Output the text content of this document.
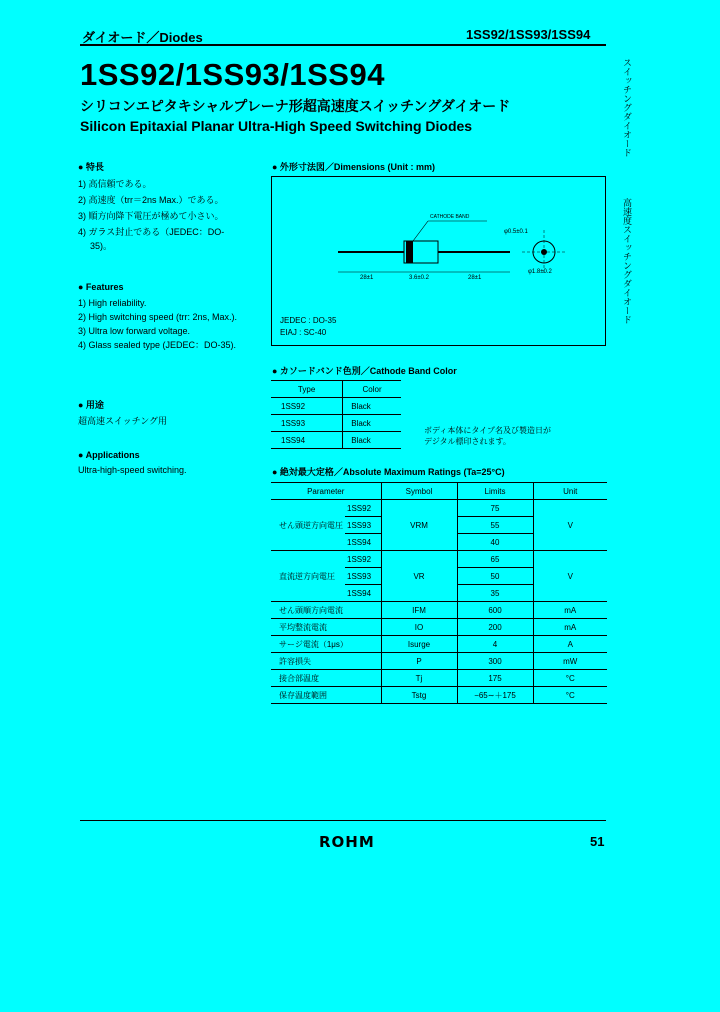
ダイオード／Diodes	1SS92/1SS93/1SS94
1SS92/1SS93/1SS94
シリコンエピタキシャルプレーナ形超高速度スイッチングダイオード
Silicon Epitaxial Planar Ultra-High Speed Switching Diodes	スイッチングダイオード
高速度スイッチングダイオード
● 特長
1) 高信頼である。
2) 高速度（trr＝2ns Max.）である。
3) 順方向降下電圧が極めて小さい。
4) ガラス封止である（JEDEC：DO-
35)。
● Features
1) High reliability.
2) High switching speed (trr: 2ns, Max.).
3) Ultra low forward voltage.
4) Glass sealed type (JEDEC：DO-35).
● 用途
超高速スイッチング用
● Applications
Ultra-high-speed switching.
● 外形寸法図／Dimensions (Unit : mm)
CATHODE BAND
φ0.5±0.1
φ1.8±0.2
3.6±0.2
28±1	28±1
JEDEC : DO-35
EIAJ : SC-40
● カソードバンド色別／Cathode Band Color
Type	Color
1SS92	Black
1SS93	Black
1SS94	Black
ボディ本体にタイプ名及び製造日が
デジタル標印されます。
● 絶対最大定格／Absolute Maximum Ratings (Ta=25°C)
Parameter		Symbol	Limits	Unit
せん頭逆方向電圧	1SS92	VRM	75	V
	1SS93		55	
	1SS94		40	
直流逆方向電圧	1SS92	VR	65	V
	1SS93		50	
	1SS94		35	
せん頭順方向電流		IFM	600	mA
平均整流電流		IO	200	mA
サージ電流（1μs）		Isurge	4	A
許容損失		P	300	mW
接合部温度		Tj	175	°C
保存温度範囲		Tstg	−65∼＋175	°C
ROHM	51
